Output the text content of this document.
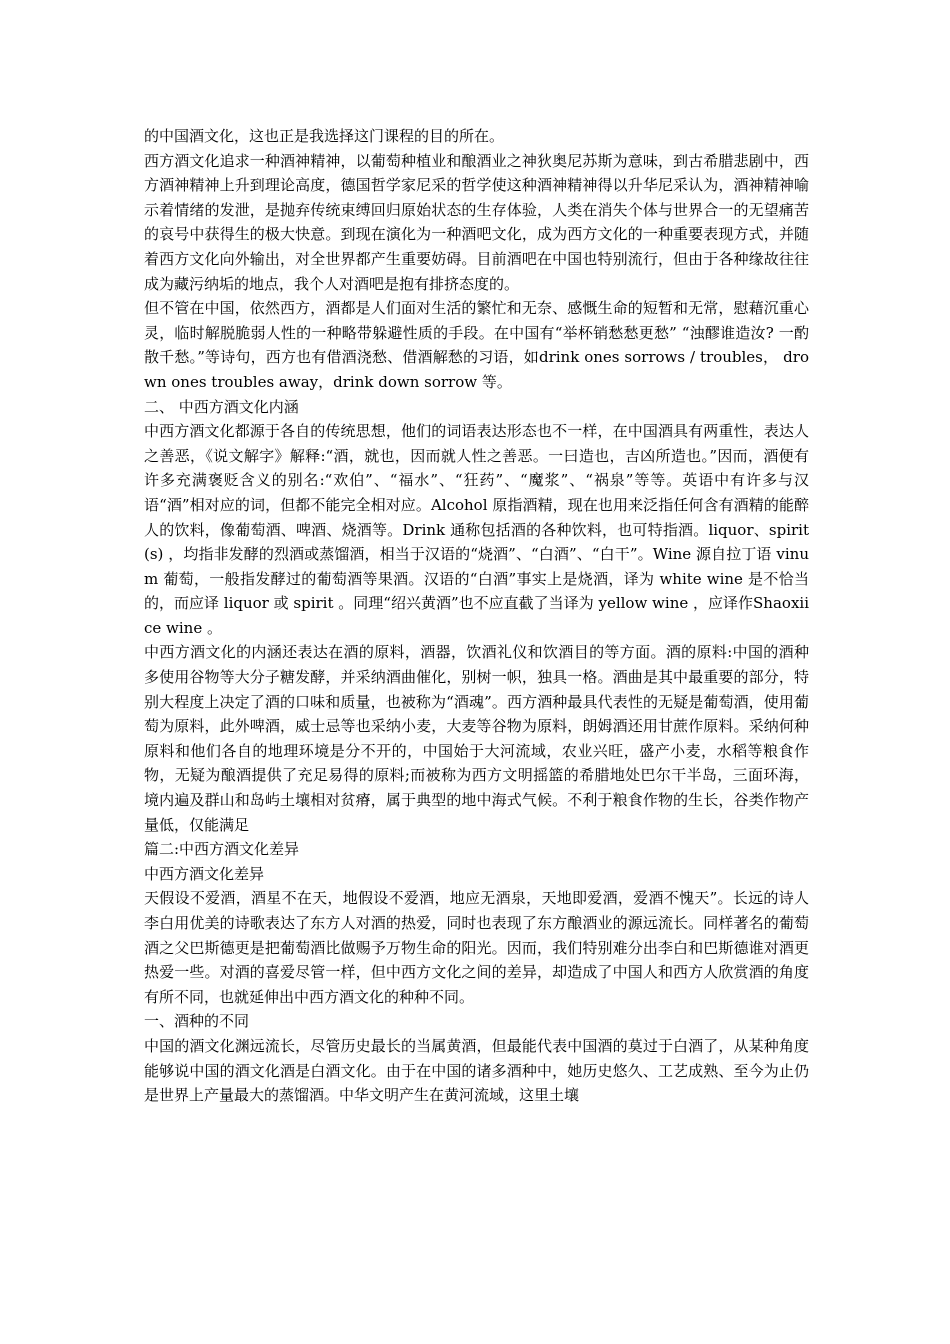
的中国酒文化，这也正是我选择这门课程的目的所在。

西方酒文化追求一种酒神精神，以葡萄种植业和酿酒业之神狄奥尼苏斯为意味，到古希腊悲剧中，西方酒神精神上升到理论高度，德国哲学家尼采的哲学使这种酒神精神得以升华尼采认为，酒神精神喻示着情绪的发泄，是抛弃传统束缚回归原始状态的生存体验，人类在消失个体与世界合一的无望痛苦的哀号中获得生的极大快意。到现在演化为一种酒吧文化，成为西方文化的一种重要表现方式，并随着西方文化向外输出，对全世界都产生重要妨碍。目前酒吧在中国也特别流行，但由于各种缘故往往成为藏污纳垢的地点，我个人对酒吧是抱有排挤态度的。

但不管在中国，依然西方，酒都是人们面对生活的繁忙和无奈、感慨生命的短暂和无常，慰藉沉重心灵，临时解脱脆弱人性的一种略带躲避性质的手段。在中国有“举杯销愁愁更愁” “浊醪谁造汝? 一酌散千愁。”等诗句，西方也有借酒浇愁、借酒解愁的习语，如drink ones sorrows / troubles， drown ones troubles away，drink down sorrow 等。

二、 中西方酒文化内涵

中西方酒文化都源于各自的传统思想，他们的词语表达形态也不一样，在中国酒具有两重性，表达人之善恶，《说文解字》解释:“酒，就也，因而就人性之善恶。一曰造也，吉凶所造也。”因而，酒便有许多充满褒贬含义的别名:“欢伯”、“福水”、“狂药”、“魔浆”、“祸泉”等等。英语中有许多与汉语“酒”相对应的词，但都不能完全相对应。Alcohol 原指酒精，现在也用来泛指任何含有酒精的能醉人的饮料，像葡萄酒、啤酒、烧酒等。Drink 通称包括酒的各种饮料，也可特指酒。liquor、spirit(s) ，均指非发酵的烈酒或蒸馏酒，相当于汉语的“烧酒”、“白酒”、“白干”。Wine 源自拉丁语 vinum 葡萄，一般指发酵过的葡萄酒等果酒。汉语的“白酒”事实上是烧酒，译为 white wine 是不恰当的，而应译 liquor 或 spirit 。同理“绍兴黄酒”也不应直截了当译为 yellow wine ，应译作Shaoxiice wine 。

中西方酒文化的内涵还表达在酒的原料，酒器，饮酒礼仪和饮酒目的等方面。酒的原料:中国的酒种多使用谷物等大分子糖发酵，并采纳酒曲催化，别树一帜，独具一格。酒曲是其中最重要的部分，特别大程度上决定了酒的口味和质量，也被称为“酒魂”。西方酒种最具代表性的无疑是葡萄酒，使用葡萄为原料，此外啤酒，威士忌等也采纳小麦，大麦等谷物为原料，朗姆酒还用甘蔗作原料。采纳何种原料和他们各自的地理环境是分不开的，中国始于大河流域，农业兴旺，盛产小麦，水稻等粮食作物，无疑为酿酒提供了充足易得的原料;而被称为西方文明摇篮的希腊地处巴尔干半岛，三面环海，境内遍及群山和岛屿土壤相对贫瘠，属于典型的地中海式气候。不利于粮食作物的生长，谷类作物产量低，仅能满足

篇二:中西方酒文化差异

中西方酒文化差异

天假设不爱酒，酒星不在天，地假设不爱酒，地应无酒泉，天地即爱酒，爱酒不愧天”。长远的诗人李白用优美的诗歌表达了东方人对酒的热爱，同时也表现了东方酿酒业的源远流长。同样著名的葡萄酒之父巴斯德更是把葡萄酒比做赐予万物生命的阳光。因而，我们特别难分出李白和巴斯德谁对酒更热爱一些。对酒的喜爱尽管一样，但中西方文化之间的差异，却造成了中国人和西方人欣赏酒的角度有所不同，也就延伸出中西方酒文化的种种不同。

一、酒种的不同

中国的酒文化渊远流长，尽管历史最长的当属黄酒，但最能代表中国酒的莫过于白酒了，从某种角度能够说中国的酒文化酒是白酒文化。由于在中国的诸多酒种中，她历史悠久、工艺成熟、至今为止仍是世界上产量最大的蒸馏酒。中华文明产生在黄河流域，这里土壤
